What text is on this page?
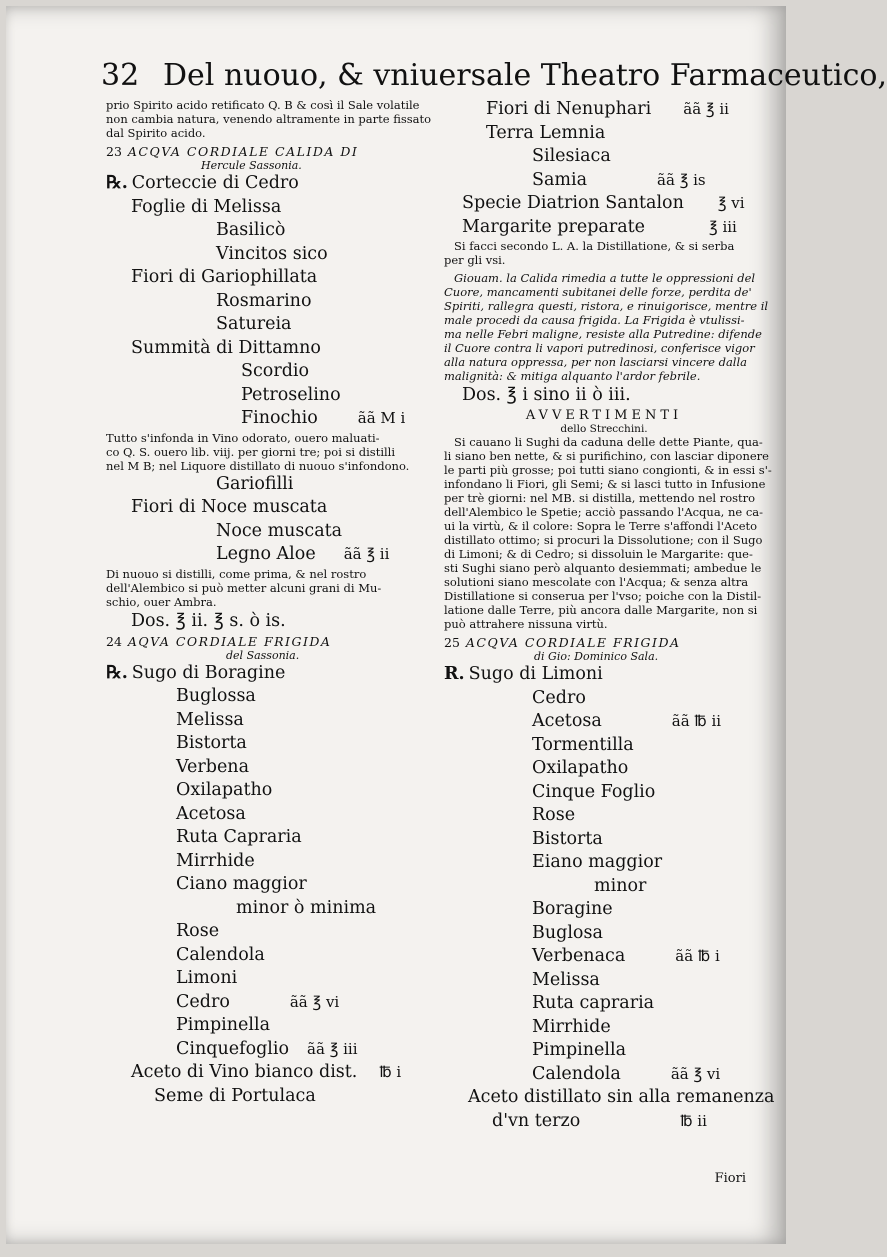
32 Del nuouo, & vniuersale Theatro Farmaceutico,
prio Spirito acido retificato Q. B & così il Sale volatile
non cambia natura, venendo altramente in parte fissato
dal Spirito acido.
23 ACQVA CORDIALE CALIDA DI
Hercule Sassonia.
℞. Corteccie di Cedro
Foglie di Melissa
Basilicò
Vincitos sico
Fiori di Gariophillata
Rosmarino
Satureia
Summità di Dittamno
Scordio
Petroselino
Finochio	ãã M i
Tutto s'infonda in Vino odorato, ouero maluati-
co Q. S. ouero lib. viij. per giorni tre; poi si distilli
nel M B; nel Liquore distillato di nuouo s'infondono.
Gariofilli
Fiori di Noce muscata
Noce muscata
Legno Aloe ãã ℥ ii
Di nuouo si distilli, come prima, & nel rostro
dell'Alembico si può metter alcuni grani di Mu-
schio, ouer Ambra.
Dos. ℥ ii. ℥ s. ò is.
24 AQVA CORDIALE FRIGIDA
del Sassonia.
℞. Sugo di Boragine
Buglossa
Melissa
Bistorta
Verbena
Oxilapatho
Acetosa
Ruta Capraria
Mirrhide
Ciano maggior
minor ò minima
Rose
Calendola
Limoni
Cedro	ãã ℥ vi
Pimpinella
Cinquefoglio ãã ℥ iii
Aceto di Vino bianco dist. ℔ i
Seme di Portulaca
Fiori di Nenuphari ãã ℥ ii
Terra Lemnia
Silesiaca
Samia	ãã ℥ is
Specie Diatrion Santalon ℥ vi
Margarite preparate	℥ iii
Si facci secondo L. A. la Distillatione, & si serba
per gli vsi.
Giouam. la Calida rimedia a tutte le oppressioni del
Cuore, mancamenti subitanei delle forze, perdita de'
Spiriti, rallegra questi, ristora, e rinuigorisce, mentre il
male procedi da causa frigida. La Frigida è vtulissi-
ma nelle Febri maligne, resiste alla Putredine: difende
il Cuore contra li vapori putredinosi, conferisce vigor
alla natura oppressa, per non lasciarsi vincere dalla
malignità: & mitiga alquanto l'ardor febrile.
Dos. ℥ i sino ii ò iii.
AVVERTIMENTI
dello Strecchini.
Si cauano li Sughi da caduna delle dette Piante, qua-
li siano ben nette, & si purifichino, con lasciar diponere
le parti più grosse; poi tutti siano congionti, & in essi s'-
infondano li Fiori, gli Semi; & si lasci tutto in Infusione
per trè giorni: nel MB. si distilla, mettendo nel rostro
dell'Alembico le Spetie; acciò passando l'Acqua, ne ca-
ui la virtù, & il colore: Sopra le Terre s'affondi l'Aceto
distillato ottimo; si procuri la Dissolutione; con il Sugo
di Limoni; & di Cedro; si dissoluin le Margarite: que-
sti Sughi siano però alquanto desiemmati; ambedue le
solutioni siano mescolate con l'Acqua; & senza altra
Distillatione si conserua per l'vso; poiche con la Distil-
latione dalle Terre, più ancora dalle Margarite, non si
può attrahere nissuna virtù.
25 ACQVA CORDIALE FRIGIDA
di Gio: Dominico Sala.
R. Sugo di Limoni
Cedro
Acetosa	ãã ℔ ii
Tormentilla
Oxilapatho
Cinque Foglio
Rose
Bistorta
Eiano maggior
minor
Boragine
Buglosa
Verbenaca	ãã ℔ i
Melissa
Ruta capraria
Mirrhide
Pimpinella
Calendola	ãã ℥ vi
Aceto distillato sin alla remanenza
d'vn terzo	℔ ii
Fiori
